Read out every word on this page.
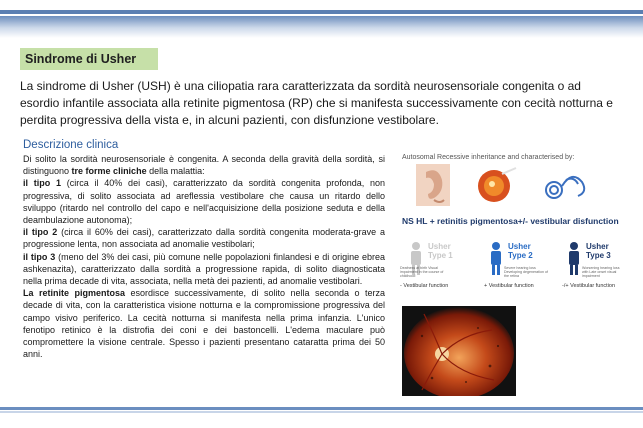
Sindrome di Usher
La sindrome di Usher (USH) è una ciliopatia rara caratterizzata da sordità neurosensoriale congenita o ad esordio infantile associata alla retinite pigmentosa (RP) che si manifesta successivamente con cecità notturna e perdita progressiva della vista e, in alcuni pazienti, con disfunzione vestibolare.
Descrizione clinica

Di solito la sordità neurosensoriale è congenita. A seconda della gravità della sordità, si distinguono tre forme cliniche della malattia:

il tipo 1 (circa il 40% dei casi), caratterizzato da sordità congenita profonda, non progressiva, di solito associata ad areflessia vestibolare che causa un ritardo dello sviluppo (ritardo nel controllo del capo e nell'acquisizione della posizione seduta e della deambulazione autonoma);

il tipo 2 (circa il 60% dei casi), caratterizzato dalla sordità congenita moderata-grave a progressione lenta, non associata ad anomalie vestibolari;

il tipo 3 (meno del 3% dei casi, più comune nelle popolazioni finlandesi e di origine ebrea ashkenazita), caratterizzato dalla sordità a progressione rapida, di solito diagnosticata nella prima decade di vita, associata, nella metà dei pazienti, ad anomalie vestibolari.

La retinite pigmentosa esordisce successivamente, di solito nella seconda o terza decade di vita, con la caratteristica visione notturna e la compromissione progressiva del campo visivo periferico. La cecità notturna si manifesta nella prima infanzia. L'unico fenotipo retinico è la distrofia dei coni e dei bastoncelli. L'edema maculare può compromettere la visione centrale. Spesso i pazienti presentano cataratta prima dei 50 anni.

Autosomal Recessive inheritance and characterised by:
NS HL + retinitis pigmentosa+/- vestibular disfunction
Usher Type 1
Usher Type 2
Usher Type 3
Deafness at birth Visual impairment in the course of childhood
Severe hearing loss Developing degeneration of the retina
Worsening hearing loss with Late onset visual impairment
- Vestibular function	+ Vestibular function	-/+ Vestibular function
